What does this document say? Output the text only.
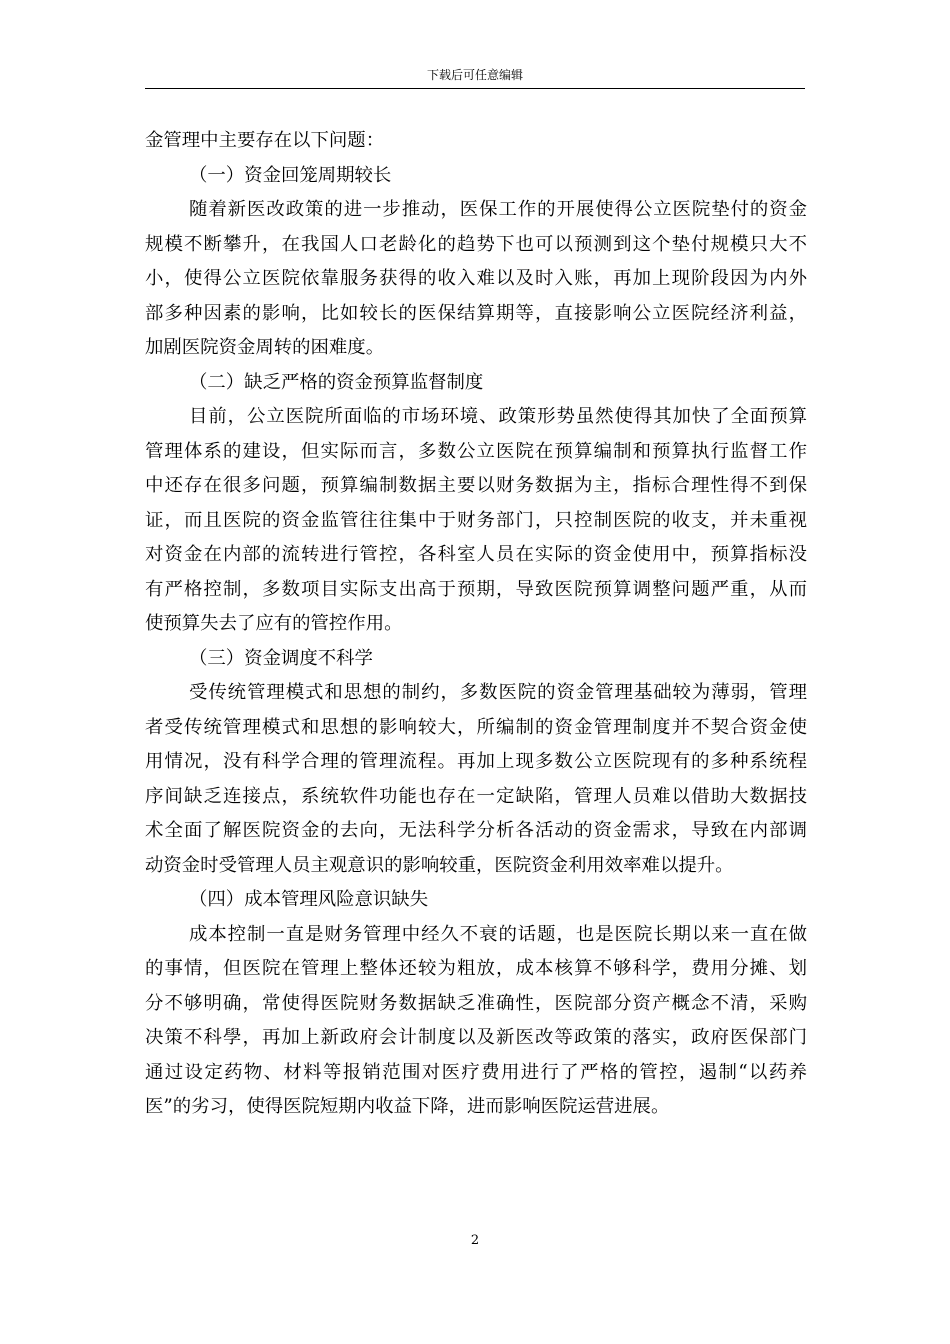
下载后可任意编辑
金管理中主要存在以下问题：
（一）资金回笼周期较长
随着新医改政策的进一步推动，医保工作的开展使得公立医院垫付的资金
规模不断攀升，在我国人口老龄化的趋势下也可以预测到这个垫付规模只大不
小，使得公立医院依靠服务获得的收入难以及时入账，再加上现阶段因为内外
部多种因素的影响，比如较长的医保结算期等，直接影响公立医院经济利益，
加剧医院资金周转的困难度。
（二）缺乏严格的资金预算监督制度
目前，公立医院所面临的市场环境、政策形势虽然使得其加快了全面预算
管理体系的建设，但实际而言，多数公立医院在预算编制和预算执行监督工作
中还存在很多问题，预算编制数据主要以财务数据为主，指标合理性得不到保
证，而且医院的资金监管往往集中于财务部门，只控制医院的收支，并未重视
对资金在内部的流转进行管控，各科室人员在实际的资金使用中，预算指标没
有严格控制，多数项目实际支出高于预期，导致医院预算调整问题严重，从而
使预算失去了应有的管控作用。
（三）资金调度不科学
受传统管理模式和思想的制约，多数医院的资金管理基础较为薄弱，管理
者受传统管理模式和思想的影响较大，所编制的资金管理制度并不契合资金使
用情况，没有科学合理的管理流程。再加上现多数公立医院现有的多种系统程
序间缺乏连接点，系统软件功能也存在一定缺陷，管理人员难以借助大数据技
术全面了解医院资金的去向，无法科学分析各活动的资金需求，导致在内部调
动资金时受管理人员主观意识的影响较重，医院资金利用效率难以提升。
（四）成本管理风险意识缺失
成本控制一直是财务管理中经久不衰的话题，也是医院长期以来一直在做
的事情，但医院在管理上整体还较为粗放，成本核算不够科学，费用分摊、划
分不够明确，常使得医院财务数据缺乏准确性，医院部分资产概念不清，采购
决策不科學，再加上新政府会计制度以及新医改等政策的落实，政府医保部门
通过设定药物、材料等报销范围对医疗费用进行了严格的管控，遏制“以药养
医”的劣习，使得医院短期内收益下降，进而影响医院运营进展。
2
